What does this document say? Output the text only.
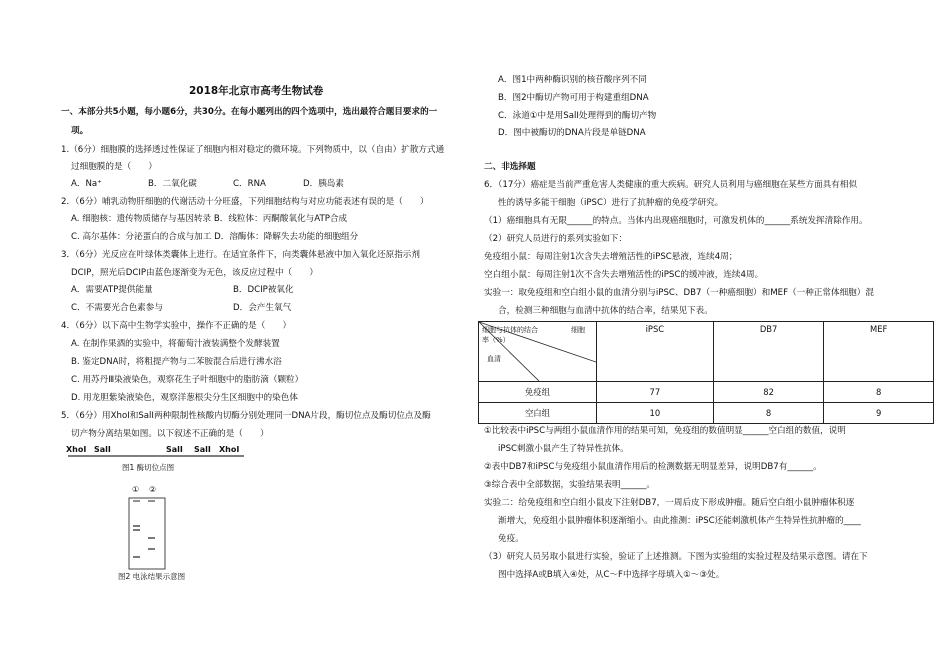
2018年北京市高考生物试卷
一、本部分共5小题，每小题6分，共30分。在每小题列出的四个选项中，选出最符合题目要求的一
项。
1.（6分）细胞膜的选择透过性保证了细胞内相对稳定的微环境。下列物质中，以（自由）扩散方式通
过细胞膜的是（　　）
A．Na⁺	B．二氧化碳	C．RNA	D．胰岛素
2．（6分）哺乳动物肝细胞的代谢活动十分旺盛，下列细胞结构与对应功能表述有误的是（　　）
A. 细胞核：遗传物质储存与基因转录 B．线粒体：丙酮酸氧化与ATP合成
C. 高尔基体：分泌蛋白的合成与加工 D．溶酶体：降解失去功能的细胞组分
3．（6分）光反应在叶绿体类囊体上进行。在适宜条件下，向类囊体悬液中加入氧化还原指示剂
DCIP，照光后DCIP由蓝色逐渐变为无色，该反应过程中（　　）
A．需要ATP提供能量	B．DCIP被氧化
C．不需要光合色素参与	D．会产生氧气
4．（6分）以下高中生物学实验中，操作不正确的是（　　）
A. 在制作果酒的实验中，将葡萄汁液装满整个发酵装置
B. 鉴定DNA时，将粗提产物与二苯胺混合后进行沸水浴
C. 用苏丹Ⅲ染液染色，观察花生子叶细胞中的脂肪滴（颗粒）
D. 用龙胆紫染液染色，观察洋葱根尖分生区细胞中的染色体
5．（6分）用XhoⅠ和SalⅠ两种限制性核酸内切酶分别处理同一DNA片段，酶切位点及酶切位点及酶
切产物分离结果如图。以下叙述不正确的是（　　）
XhoⅠ SalⅠ	SalⅠ SalⅠ XhoⅠ
图1 酶切位点图
① ②
图2 电泳结果示意图
A．图1中两种酶识别的核苷酸序列不同
B．图2中酶切产物可用于构建重组DNA
C．泳道①中是用SalⅠ处理得到的酶切产物
D．图中被酶切的DNA片段是单链DNA
二、非选择题
6．（17分）癌症是当前严重危害人类健康的重大疾病。研究人员利用与癌细胞在某些方面具有相似
性的诱导多能干细胞（iPSC）进行了抗肿瘤的免疫学研究。
（1）癌细胞具有无限______的特点。当体内出现癌细胞时，可激发机体的______系统发挥清除作用。
（2）研究人员进行的系列实验如下：
免疫组小鼠：每周注射1次含失去增殖活性的iPSC悬液，连续4周；
空白组小鼠：每周注射1次不含失去增殖活性的iPSC的缓冲液，连续4周。
实验一：取免疫组和空白组小鼠的血清分别与iPSC、DB7（一种癌细胞）和MEF（一种正常体细胞）混
合，检测三种细胞与血清中抗体的结合率，结果见下表。
细胞与抗体的结合
率（%）
细胞
血清	iPSC	DB7	MEF
免疫组	77	82	8
空白组	10	8	9
①比较表中iPSC与两组小鼠血清作用的结果可知，免疫组的数值明显______空白组的数值，说明
iPSC刺激小鼠产生了特异性抗体。
②表中DB7和iPSC与免疫组小鼠血清作用后的检测数据无明显差异，说明DB7有______。
③综合表中全部数据，实验结果表明______。
实验二：给免疫组和空白组小鼠皮下注射DB7，一周后皮下形成肿瘤。随后空白组小鼠肿瘤体积逐
渐增大，免疫组小鼠肿瘤体积逐渐缩小。由此推测：iPSC还能刺激机体产生特异性抗肿瘤的____
免疫。
（3）研究人员另取小鼠进行实验，验证了上述推测。下图为实验组的实验过程及结果示意图。请在下
图中选择A或B填入④处，从C～F中选择字母填入①～③处。
